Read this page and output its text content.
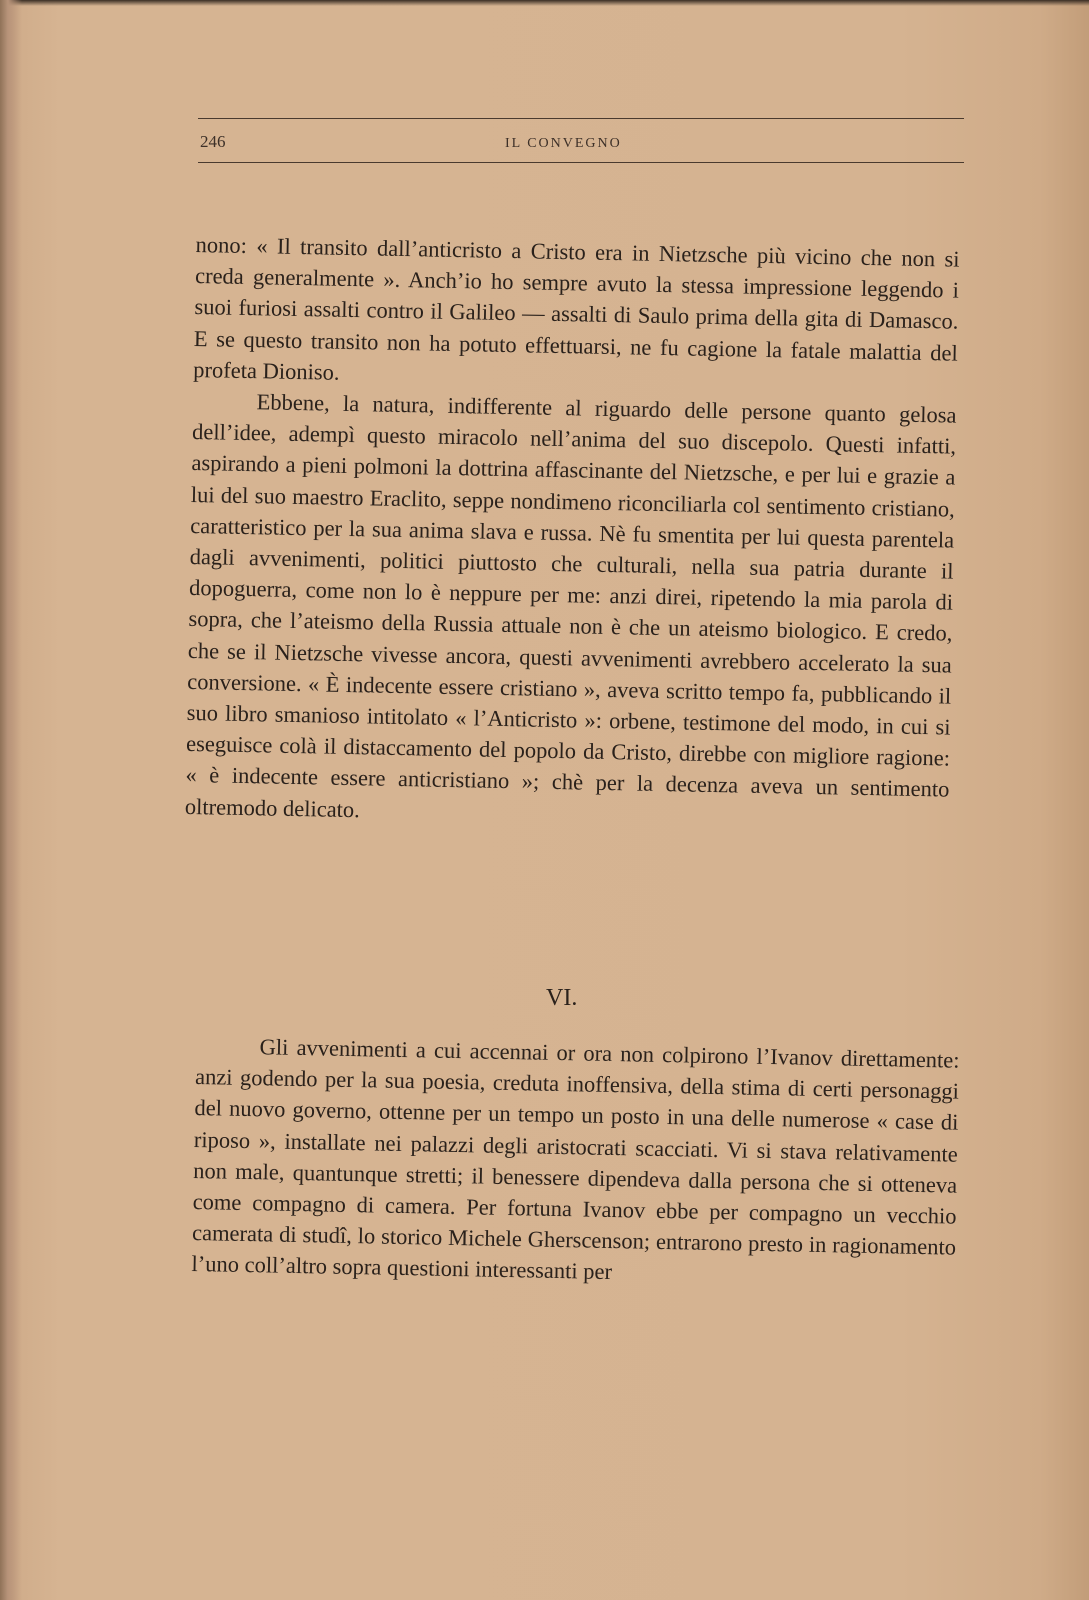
246	IL CONVEGNO

nono: « Il transito dall’anticristo a Cristo era in Nietzsche più vicino che non si creda generalmente ». Anch’io ho sempre avuto la stessa impressione leggendo i suoi furiosi assalti contro il Galileo — assalti di Saulo prima della gita di Damasco. E se questo transito non ha potuto effettuarsi, ne fu cagione la fatale malattia del profeta Dioniso.

Ebbene, la natura, indifferente al riguardo delle persone quanto gelosa dell’idee, adempì questo miracolo nell’anima del suo discepolo. Questi infatti, aspirando a pieni polmoni la dottrina affascinante del Nietzsche, e per lui e grazie a lui del suo maestro Eraclito, seppe nondimeno riconciliarla col sentimento cristiano, caratteristico per la sua anima slava e russa. Nè fu smentita per lui questa parentela dagli avvenimenti, politici piuttosto che culturali, nella sua patria durante il dopoguerra, come non lo è neppure per me: anzi direi, ripetendo la mia parola di sopra, che l’ateismo della Russia attuale non è che un ateismo biologico. E credo, che se il Nietzsche vivesse ancora, questi avvenimenti avrebbero accelerato la sua conversione. « È indecente essere cristiano », aveva scritto tempo fa, pubblicando il suo libro smanioso intitolato « l’Anticristo »: orbene, testimone del modo, in cui si eseguisce colà il distaccamento del popolo da Cristo, direbbe con migliore ragione: « è indecente essere anticristiano »; chè per la decenza aveva un sentimento oltremodo delicato.

VI.

Gli avvenimenti a cui accennai or ora non colpirono l’Ivanov direttamente: anzi godendo per la sua poesia, creduta inoffensiva, della stima di certi personaggi del nuovo governo, ottenne per un tempo un posto in una delle numerose « case di riposo », installate nei palazzi degli aristocrati scacciati. Vi si stava relativamente non male, quantunque stretti; il benessere dipendeva dalla persona che si otteneva come compagno di camera. Per fortuna Ivanov ebbe per compagno un vecchio camerata di studî, lo storico Michele Gherscenson; entrarono presto in ragionamento l’uno coll’altro sopra questioni interessanti per
